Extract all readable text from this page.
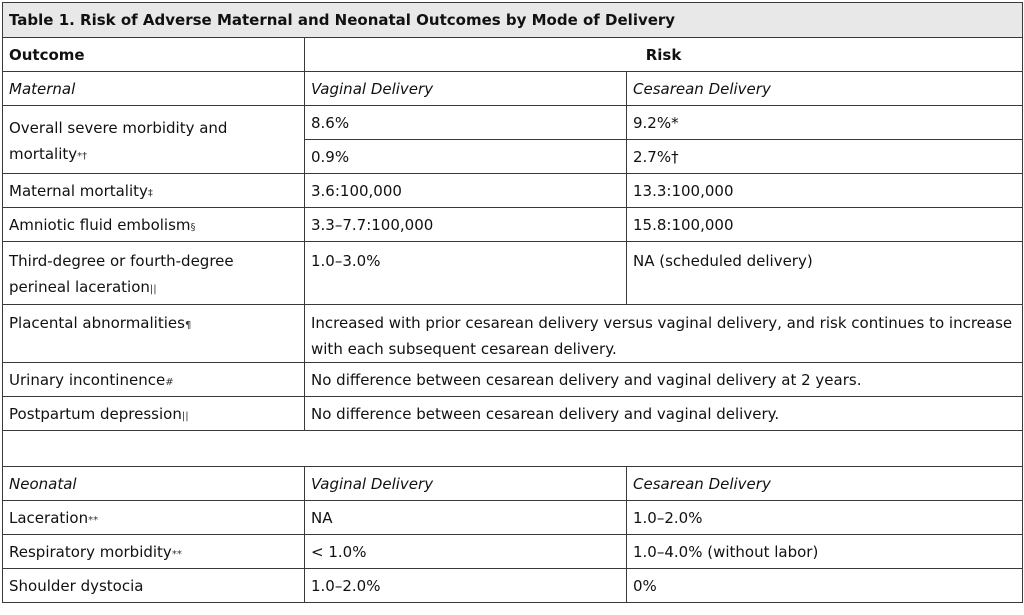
Table 1. Risk of Adverse Maternal and Neonatal Outcomes by Mode of Delivery		
Outcome	Risk	
Maternal	Vaginal Delivery	Cesarean Delivery
Overall severe morbidity and mortality*†	8.6%	9.2%*
	0.9%	2.7%†
Maternal mortality‡	3.6:100,000	13.3:100,000
Amniotic fluid embolism§	3.3–7.7:100,000	15.8:100,000
Third-degree or fourth-degree perineal laceration||	1.0–3.0%	NA (scheduled delivery)
Placental abnormalities¶	Increased with prior cesarean delivery versus vaginal delivery, and risk continues to increase with each subsequent cesarean delivery.	
Urinary incontinence#	No difference between cesarean delivery and vaginal delivery at 2 years.	
Postpartum depression||	No difference between cesarean delivery and vaginal delivery.	

Neonatal	Vaginal Delivery	Cesarean Delivery
Laceration**	NA	1.0–2.0%
Respiratory morbidity**	< 1.0%	1.0–4.0% (without labor)
Shoulder dystocia	1.0–2.0%	0%
